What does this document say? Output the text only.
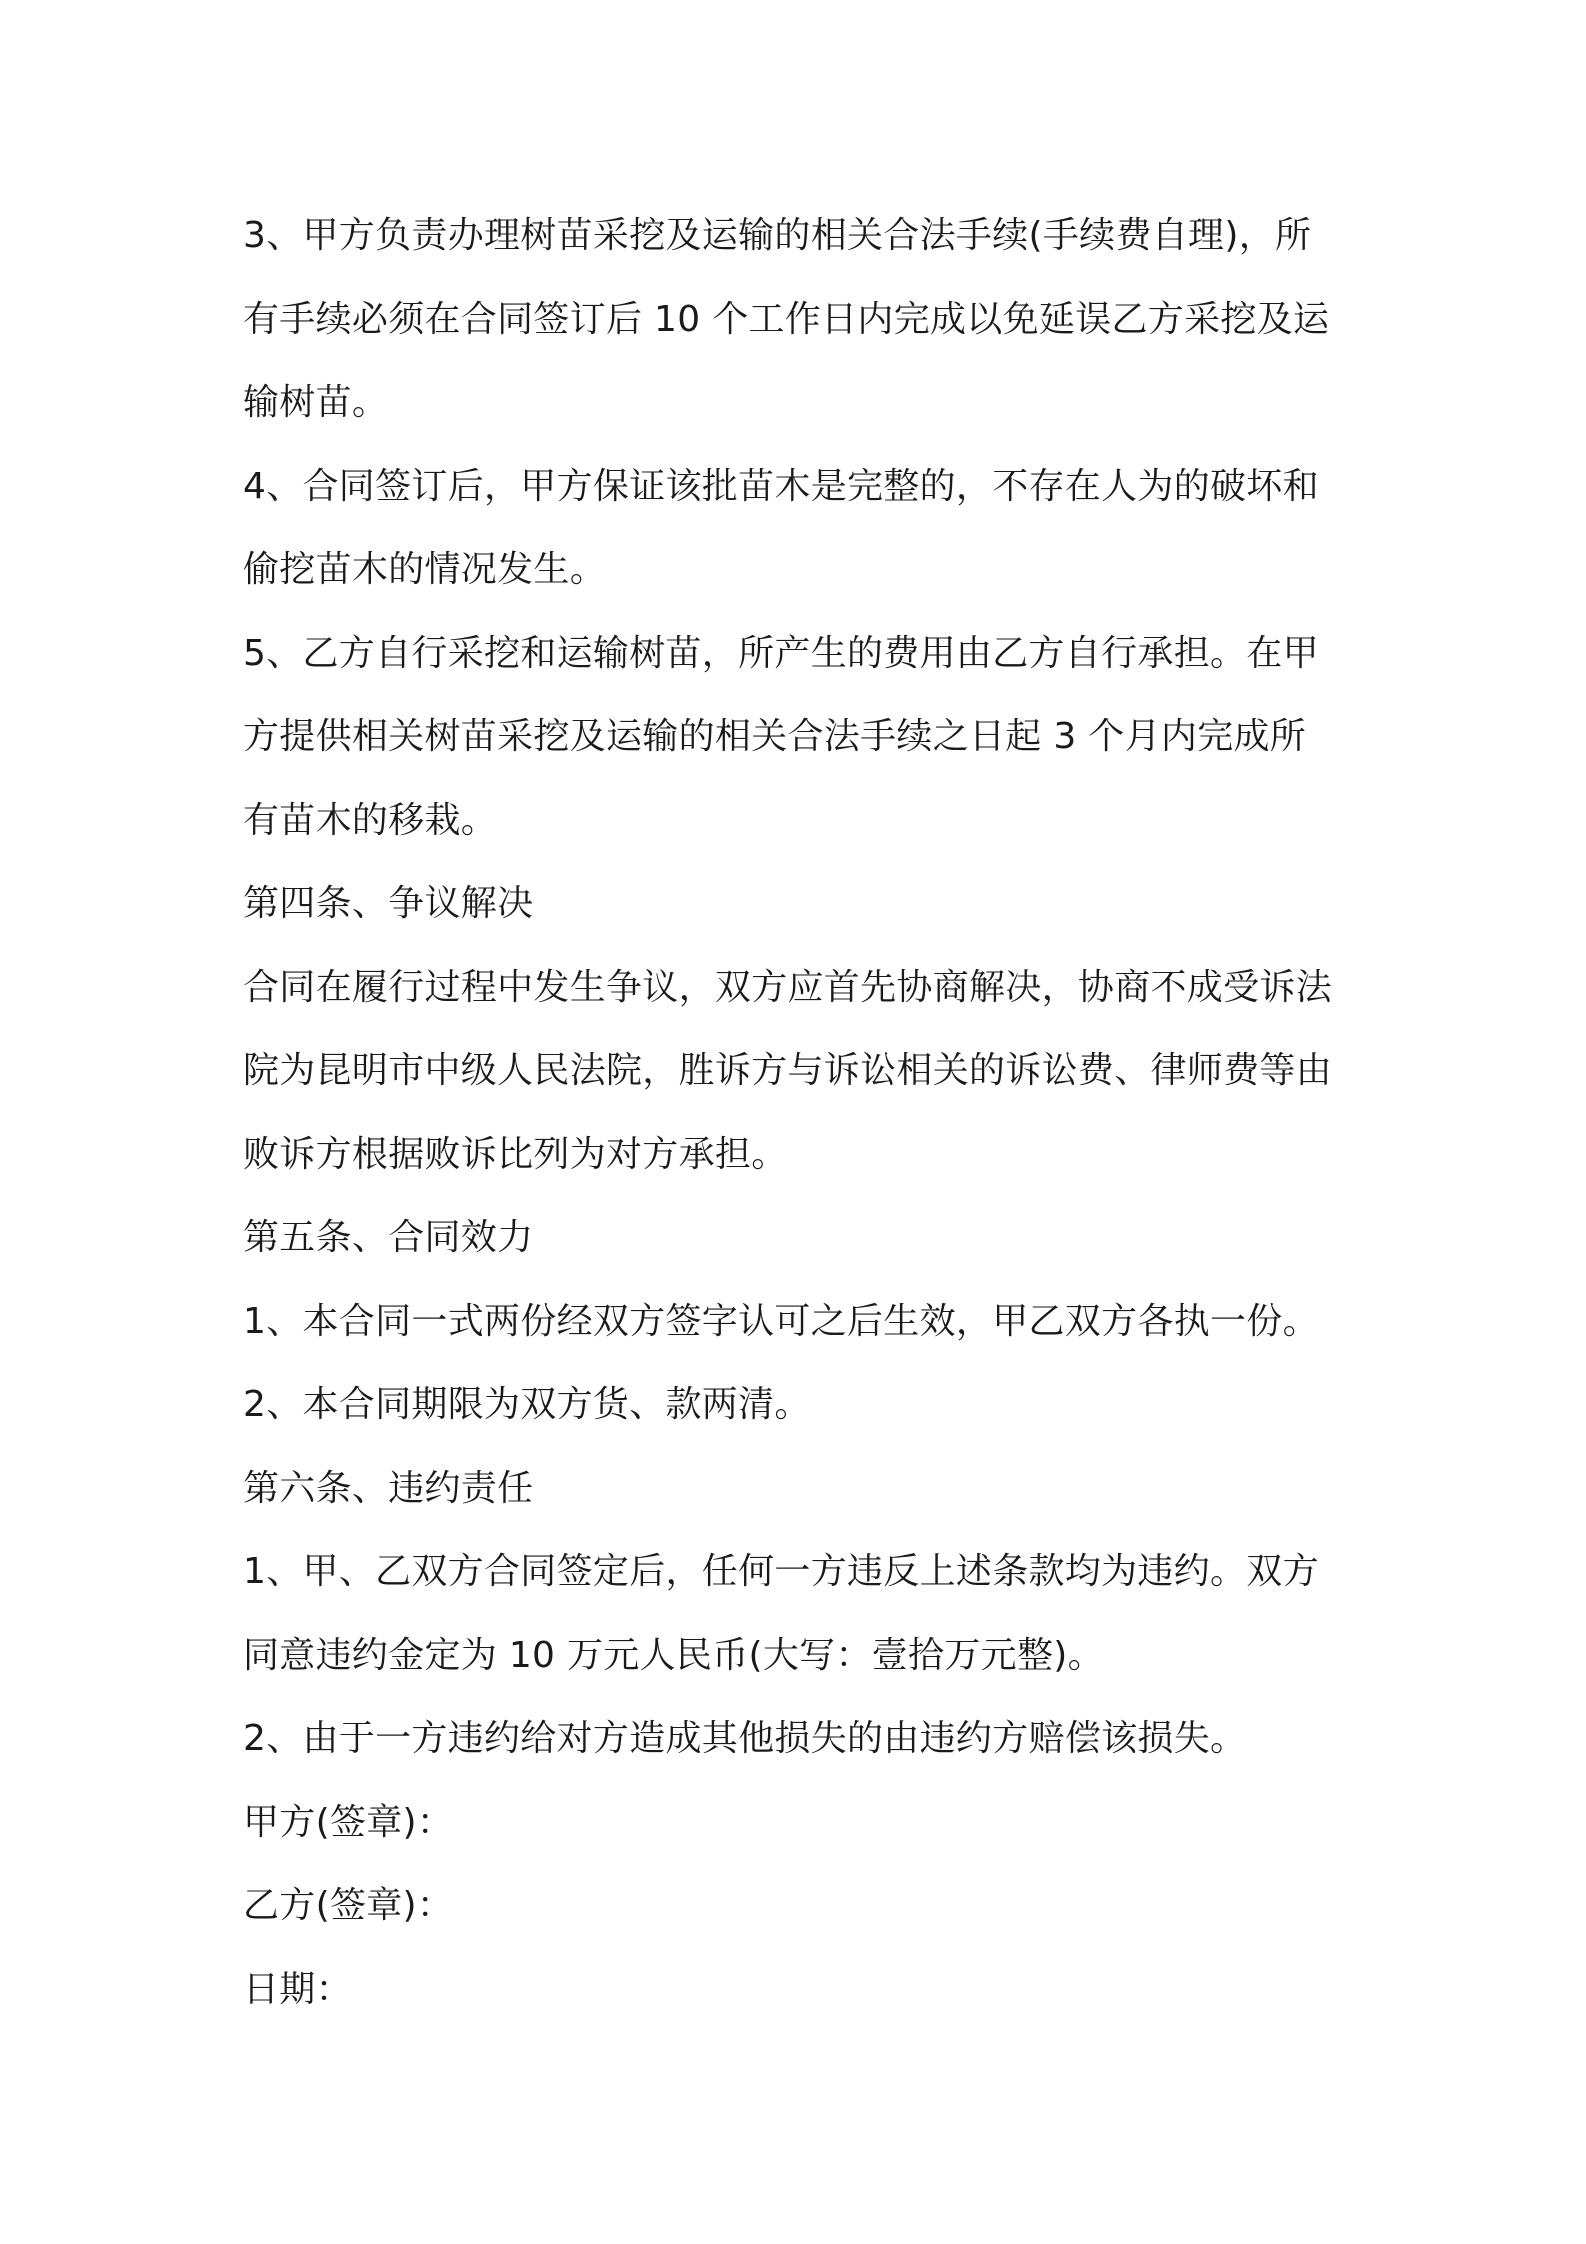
3、甲方负责办理树苗采挖及运输的相关合法手续(手续费自理)，所
有手续必须在合同签订后 10 个工作日内完成以免延误乙方采挖及运
输树苗。
4、合同签订后，甲方保证该批苗木是完整的，不存在人为的破坏和
偷挖苗木的情况发生。
5、乙方自行采挖和运输树苗，所产生的费用由乙方自行承担。在甲
方提供相关树苗采挖及运输的相关合法手续之日起 3 个月内完成所
有苗木的移栽。
第四条、争议解决
合同在履行过程中发生争议，双方应首先协商解决，协商不成受诉法
院为昆明市中级人民法院，胜诉方与诉讼相关的诉讼费、律师费等由
败诉方根据败诉比列为对方承担。
第五条、合同效力
1、本合同一式两份经双方签字认可之后生效，甲乙双方各执一份。
2、本合同期限为双方货、款两清。
第六条、违约责任
1、甲、乙双方合同签定后，任何一方违反上述条款均为违约。双方
同意违约金定为 10 万元人民币(大写：壹拾万元整)。
2、由于一方违约给对方造成其他损失的由违约方赔偿该损失。
甲方(签章)：
乙方(签章)：
日期：
